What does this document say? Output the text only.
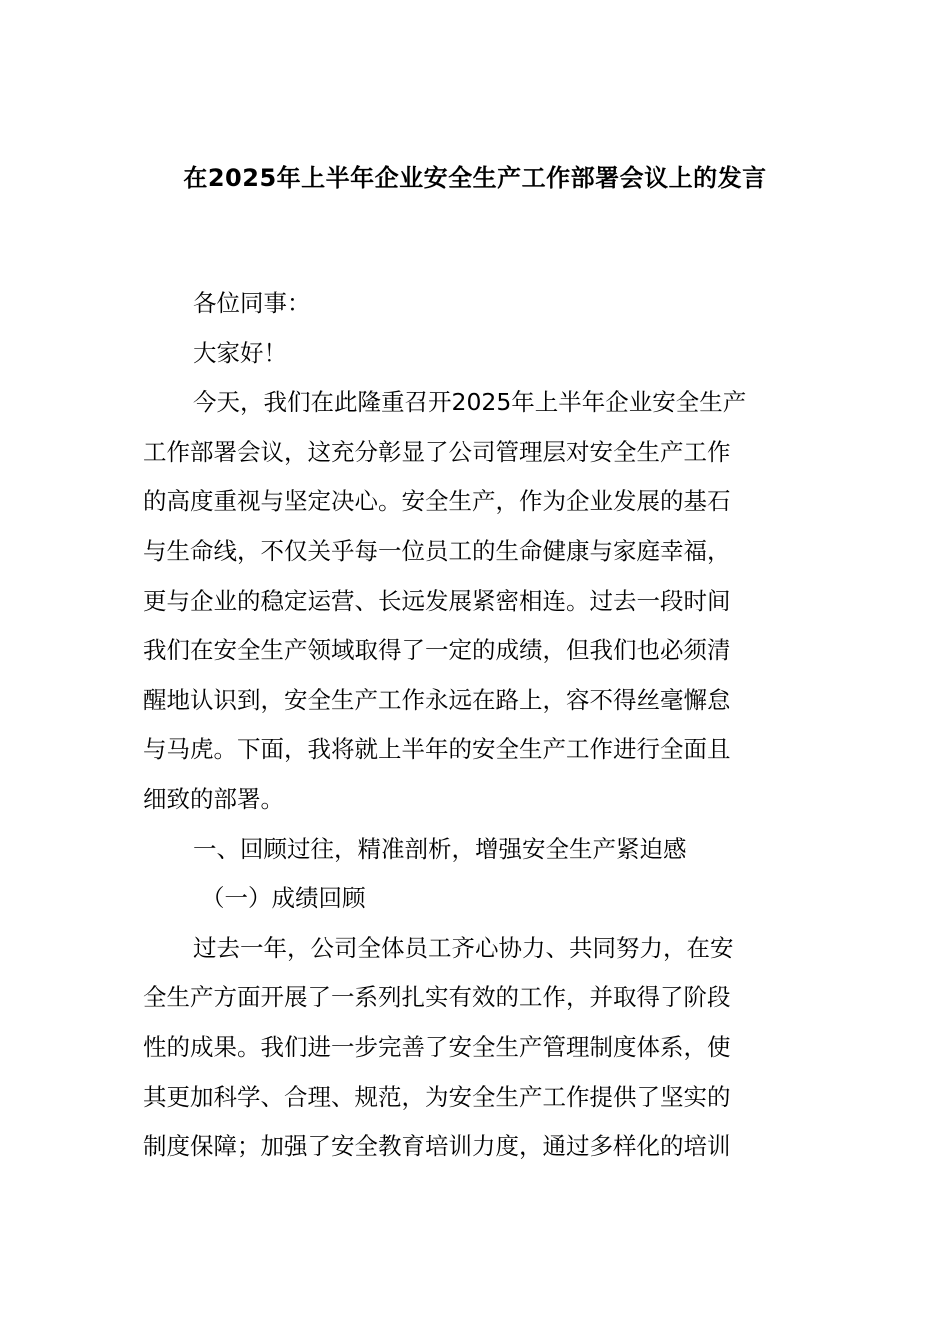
在2025年上半年企业安全生产工作部署会议上的发言
各位同事：
大家好！
今天，我们在此隆重召开2025年上半年企业安全生产
工作部署会议，这充分彰显了公司管理层对安全生产工作
的高度重视与坚定决心。安全生产，作为企业发展的基石
与生命线，不仅关乎每一位员工的生命健康与家庭幸福，
更与企业的稳定运营、长远发展紧密相连。过去一段时间
我们在安全生产领域取得了一定的成绩，但我们也必须清
醒地认识到，安全生产工作永远在路上，容不得丝毫懈怠
与马虎。下面，我将就上半年的安全生产工作进行全面且
细致的部署。
一、回顾过往，精准剖析，增强安全生产紧迫感
（一）成绩回顾
过去一年，公司全体员工齐心协力、共同努力，在安
全生产方面开展了一系列扎实有效的工作，并取得了阶段
性的成果。我们进一步完善了安全生产管理制度体系，使
其更加科学、合理、规范，为安全生产工作提供了坚实的
制度保障；加强了安全教育培训力度，通过多样化的培训
